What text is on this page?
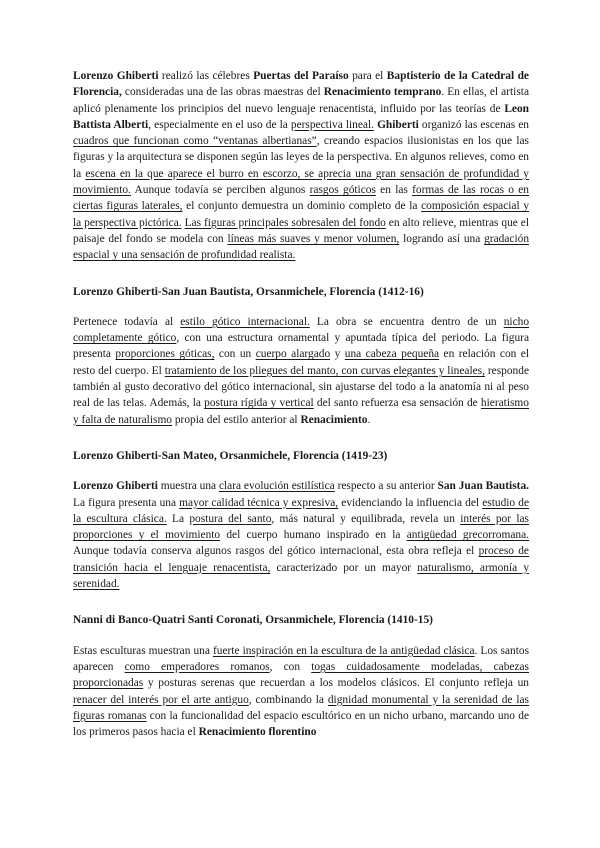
Lorenzo Ghiberti realizó las célebres Puertas del Paraíso para el Baptisterio de la Catedral de Florencia, consideradas una de las obras maestras del Renacimiento temprano. En ellas, el artista aplicó plenamente los principios del nuevo lenguaje renacentista, influido por las teorías de Leon Battista Alberti, especialmente en el uso de la perspectiva lineal. Ghiberti organizó las escenas en cuadros que funcionan como “ventanas albertianas”, creando espacios ilusionistas en los que las figuras y la arquitectura se disponen según las leyes de la perspectiva. En algunos relieves, como en la escena en la que aparece el burro en escorzo, se aprecia una gran sensación de profundidad y movimiento. Aunque todavía se perciben algunos rasgos góticos en las formas de las rocas o en ciertas figuras laterales, el conjunto demuestra un dominio completo de la composición espacial y la perspectiva pictórica. Las figuras principales sobresalen del fondo en alto relieve, mientras que el paisaje del fondo se modela con líneas más suaves y menor volumen, logrando así una gradación espacial y una sensación de profundidad realista.

Lorenzo Ghiberti-San Juan Bautista, Orsanmichele, Florencia (1412-16)

Pertenece todavía al estilo gótico internacional. La obra se encuentra dentro de un nicho completamente gótico, con una estructura ornamental y apuntada típica del periodo. La figura presenta proporciones góticas, con un cuerpo alargado y una cabeza pequeña en relación con el resto del cuerpo. El tratamiento de los pliegues del manto, con curvas elegantes y lineales, responde también al gusto decorativo del gótico internacional, sin ajustarse del todo a la anatomía ni al peso real de las telas. Además, la postura rígida y vertical del santo refuerza esa sensación de hieratismo y falta de naturalismo propia del estilo anterior al Renacimiento.

Lorenzo Ghiberti-San Mateo, Orsanmichele, Florencia (1419-23)

Lorenzo Ghiberti muestra una clara evolución estilística respecto a su anterior San Juan Bautista. La figura presenta una mayor calidad técnica y expresiva, evidenciando la influencia del estudio de la escultura clásica. La postura del santo, más natural y equilibrada, revela un interés por las proporciones y el movimiento del cuerpo humano inspirado en la antigüedad grecorromana. Aunque todavía conserva algunos rasgos del gótico internacional, esta obra refleja el proceso de transición hacia el lenguaje renacentista, caracterizado por un mayor naturalismo, armonía y serenidad.

Nanni di Banco-Quatri Santi Coronati, Orsanmichele, Florencia (1410-15)

Estas esculturas muestran una fuerte inspiración en la escultura de la antigüedad clásica. Los santos aparecen como emperadores romanos, con togas cuidadosamente modeladas, cabezas proporcionadas y posturas serenas que recuerdan a los modelos clásicos. El conjunto refleja un renacer del interés por el arte antiguo, combinando la dignidad monumental y la serenidad de las figuras romanas con la funcionalidad del espacio escultórico en un nicho urbano, marcando uno de los primeros pasos hacia el Renacimiento florentino
